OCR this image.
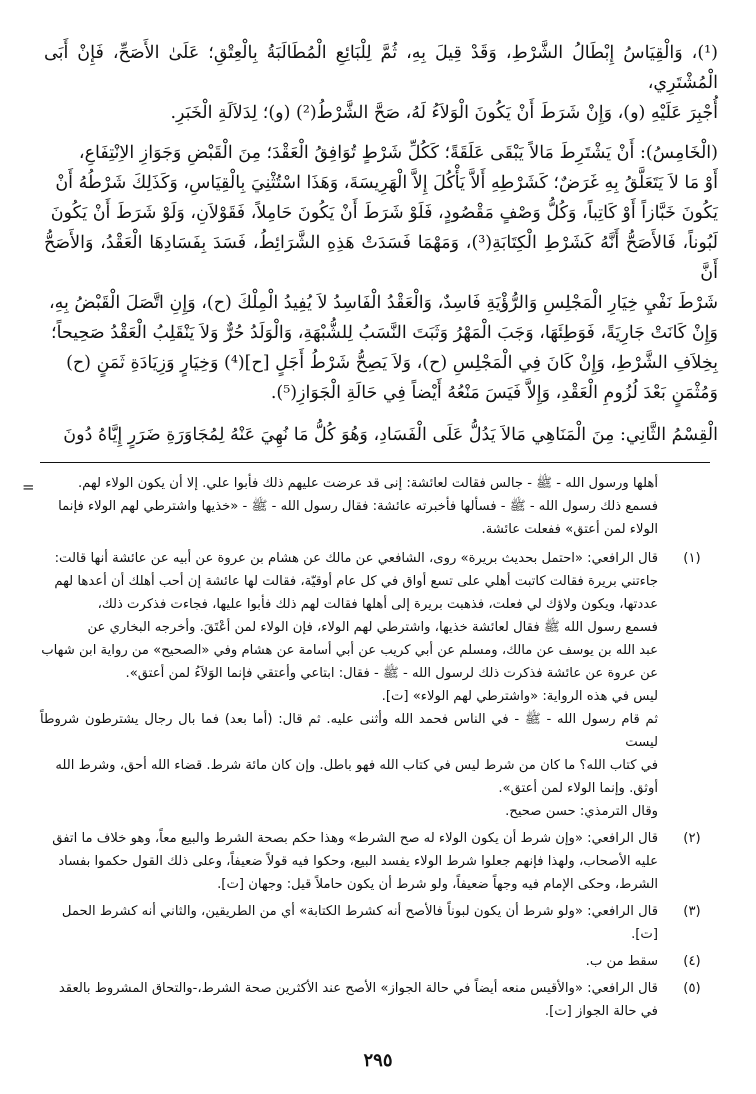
(¹)، وَالْقِيَاسُ إِبْطَالُ الشَّرْطِ، وَقَدْ قِيلَ بِهِ، ثُمَّ لِلْبَائِعِ الْمُطَالَبَةُ بِالْعِتْقِ؛ عَلَىٰ الأَصَحِّ، فَإِنْ أَبَى الْمُشْتَرِي،
أُجْبِرَ عَلَيْهِ (و)، وَإِنْ شَرَطَ أَنْ يَكُونَ الْوَلاَءُ لَهُ، صَحَّ الشَّرْطُ(²) (و)؛ لِدَلاَلَةِ الْخَبَرِ.

(الْخَامِسُ): أَنْ يَشْتَرِطَ مَالاً يَبْقَى عَلَقَةً؛ كَكُلِّ شَرْطٍ تُوَافِقُ الْعَقْدَ؛ مِنَ الْقَبْضِ وَجَوَازِ الاِنْتِفَاعِ،
أَوْ مَا لاَ يَتَعَلَّقُ بِهِ غَرَضٌ؛ كَشَرْطِهِ أَلاَّ يَأْكُلَ إِلاَّ الْهَرِيسَةَ، وَهَذَا اسْتُثْنِيَ بِالْقِيَاسِ، وَكَذَلِكَ شَرْطُهُ أَنْ
يَكُونَ خَبَّازاً أَوْ كَاتِباً، وَكُلُّ وَصْفٍ مَقْصُودٍ، فَلَوْ شَرَطَ أَنْ يَكُونَ حَامِلاً، فَقَوْلاَنِ، وَلَوْ شَرَطَ أَنْ يَكُونَ
لَبُوناً، فَالأَصَحُّ أَنَّهُ كَشَرْطِ الْكِتَابَةِ(³)، وَمَهْمَا فَسَدَتْ هَذِهِ الشَّرَائِطُ، فَسَدَ بِفَسَادِهَا الْعَقْدُ، وَالأَصَحُّ أَنَّ
شَرْطَ نَفْيِ خِيَارِ الْمَجْلِسِ وَالرُّؤْيَةِ فَاسِدٌ، وَالْعَقْدُ الْفَاسِدُ لاَ يُفِيدُ الْمِلْكَ (ح)، وَإِنِ اتَّصَلَ الْقَبْضُ بِهِ،
وَإِنْ كَانَتْ جَارِيَةً، فَوَطِئَهَا، وَجَبَ الْمَهْرُ وَثَبَتَ النَّسَبُ لِلشُّبْهَةِ، وَالْوَلَدُ حُرٌّ وَلاَ يَنْقَلِبُ الْعَقْدُ صَحِيحاً؛
بِخِلاَفِ الشَّرْطِ، وَإِنْ كَانَ فِي الْمَجْلِسِ (ح)، وَلاَ يَصِحُّ شَرْطُ أَجَلٍ [ح](⁴) وَخِيَارٍ وَزِيَادَةِ ثَمَنٍ (ح)
وَمُثْمَنٍ بَعْدَ لُزُومِ الْعَقْدِ، وَإِلاَّ فَيَسَ مَنْعُهُ أَيْضاً فِي حَالَةِ الْجَوَازِ(⁵).

الْقِسْمُ الثَّانِي: مِنَ الْمَنَاهِي مَالاَ يَدُلُّ عَلَى الْفَسَادِ، وَهُوَ كُلُّ مَا نُهِيَ عَنْهُ لِمُجَاوَرَةِ ضَرَرٍ إِيَّاهُ دُونَ

=	أهلها ورسول الله - ﷺ - جالس فقالت لعائشة: إنى قد عرضت عليهم ذلك فأبوا علي. إلا أن يكون الولاء لهم.
فسمع ذلك رسول الله - ﷺ - فسألها فأخبرته عائشة: فقال رسول الله - ﷺ - «خذيها واشترطي لهم الولاء فإنما
الولاء لمن أعتق» ففعلت عائشة.

(١)

قال الرافعي: «احتمل بحديث بريرة» روى، الشافعي عن مالك عن هشام بن عروة عن أبيه عن عائشة أنها قالت:
جاءتني بريرة فقالت كاتبت أهلي على تسع أواق في كل عام أوقيّة، فقالت لها عائشة إن أحب أهلك أن أعدها لهم
عددتها، ويكون ولاؤك لي فعلت، فذهبت بريرة إلى أهلها فقالت لهم ذلك فأبوا عليها، فجاءت فذكرت ذلك،
فسمع رسول الله ﷺ فقال لعائشة خذيها، واشترطي لهم الولاء، فإن الولاء لمن أعْتَقَ. وأخرجه البخاري عن
عبد الله بن يوسف عن مالك، ومسلم عن أبي كريب عن أبي أسامة عن هشام وفي «الصحيح» من رواية ابن شهاب
عن عروة عن عائشة فذكرت ذلك لرسول الله - ﷺ - فقال: ابتاعي وأعتقي فإنما الوَلاَءُ لمن أعتق».
ليس في هذه الرواية: «واشترطي لهم الولاء» [ت].
ثم قام رسول الله - ﷺ - في الناس فحمد الله وأثنى عليه. ثم قال: (أما بعد) فما بال رجال يشترطون شروطاً ليست
في كتاب الله؟ ما كان من شرط ليس في كتاب الله فهو باطل. وإن كان مائة شرط. قضاء الله أحق، وشرط الله
أوثق. وإنما الولاء لمن أعتق».
وقال الترمذي: حسن صحيح.

(٢)

قال الرافعي: «وإن شرط أن يكون الولاء له صح الشرط» وهذا حكم بصحة الشرط والبيع معاً، وهو خلاف ما اتفق
عليه الأصحاب، ولهذا فإنهم جعلوا شرط الولاء يفسد البيع، وحكوا فيه قولاً ضعيفاً، وعلى ذلك القول حكموا بفساد
الشرط، وحكى الإمام فيه وجهاً ضعيفاً، ولو شرط أن يكون حاملاً قيل: وجهان [ت].

(٣)

قال الرافعي: «ولو شرط أن يكون لبوناً فالأصح أنه كشرط الكتابة» أي من الطريقين، والثاني أنه كشرط الحمل
[ت].

(٤)

سقط من ب.

(٥)

قال الرافعي: «والأقيس منعه أيضاً في حالة الجواز» الأصح عند الأكثرين صحة الشرط،-والتحاق المشروط بالعقد
في حالة الجواز [ت].

٢٩٥
